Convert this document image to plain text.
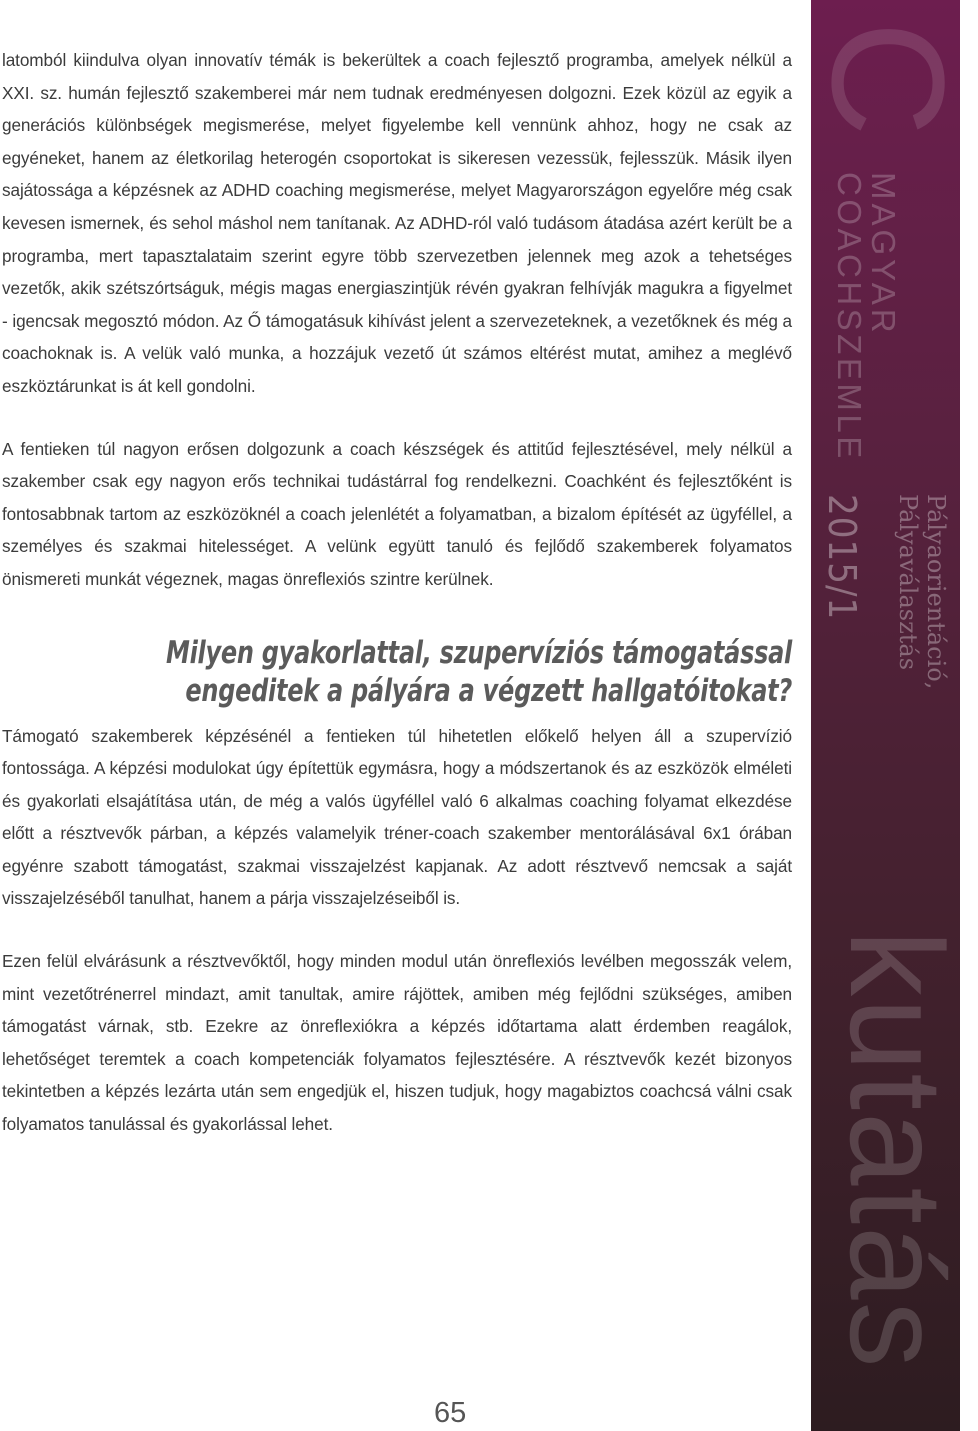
latomból kiindulva olyan innovatív témák is bekerültek a coach fejlesztő programba, amelyek nélkül a XXI. sz. humán fejlesztő szakemberei már nem tudnak eredményesen dolgozni. Ezek közül az egyik a generációs különbségek megismerése, melyet figyelembe kell vennünk ahhoz, hogy ne csak az egyéneket, hanem az életkorilag heterogén csoportokat is sikeresen vezessük, fejlesszük. Másik ilyen sajátossága a képzésnek az ADHD coaching megismerése, melyet Magyarországon egyelőre még csak kevesen ismernek, és sehol máshol nem tanítanak. Az ADHD-ról való tudásom átadása azért került be a programba, mert tapasztalataim szerint egyre több szervezetben jelennek meg azok a tehetséges vezetők, akik szétszórtságuk, mégis magas energiaszintjük révén gyakran felhívják magukra a figyelmet - igencsak megosztó módon. Az Ő támogatásuk kihívást jelent a szervezeteknek, a vezetőknek és még a coachoknak is. A velük való munka, a hozzájuk vezető út számos eltérést mutat, amihez a meglévő eszköztárunkat is át kell gondolni.

A fentieken túl nagyon erősen dolgozunk a coach készségek és attitűd fejlesztésével, mely nélkül a szakember csak egy nagyon erős technikai tudástárral fog rendelkezni. Coachként és fejlesztőként is fontosabbnak tartom az eszközöknél a coach jelenlétét a folyamatban, a bizalom építését az ügyféllel, a személyes és szakmai hitelességet. A velünk együtt tanuló és fejlődő szakemberek folyamatos önismereti munkát végeznek, magas önreflexiós szintre kerülnek.

Milyen gyakorlattal, szupervíziós támogatással engeditek a pályára a végzett hallgatóitokat?

Támogató szakemberek képzésénél a fentieken túl hihetetlen előkelő helyen áll a szupervízió fontossága. A képzési modulokat úgy építettük egymásra, hogy a módszertanok és az eszközök elméleti és gyakorlati elsajátítása után, de még a valós ügyféllel való 6 alkalmas coaching folyamat elkezdése előtt a résztvevők párban, a képzés valamelyik tréner-coach szakember mentorálásával 6x1 órában egyénre szabott támogatást, szakmai visszajelzést kapjanak. Az adott résztvevő nemcsak a saját visszajelzéséből tanulhat, hanem a párja visszajelzéseiből is.

Ezen felül elvárásunk a résztvevőktől, hogy minden modul után önreflexiós levélben megosszák velem, mint vezetőtrénerrel mindazt, amit tanultak, amire rájöttek, amiben még fejlődni szükséges, amiben támogatást várnak, stb. Ezekre az önreflexiókra a képzés időtartama alatt érdemben reagálok, lehetőséget teremtek a coach kompetenciák folyamatos fejlesztésére. A résztvevők kezét bizonyos tekintetben a képzés lezárta után sem engedjük el, hiszen tudjuk, hogy magabiztos coachcsá válni csak folyamatos tanulással és gyakorlással lehet.

65
C
MAGYAR
COACHSZEMLE
2015/1 Pályaorientáció,
Pályaválasztás
kutatás
